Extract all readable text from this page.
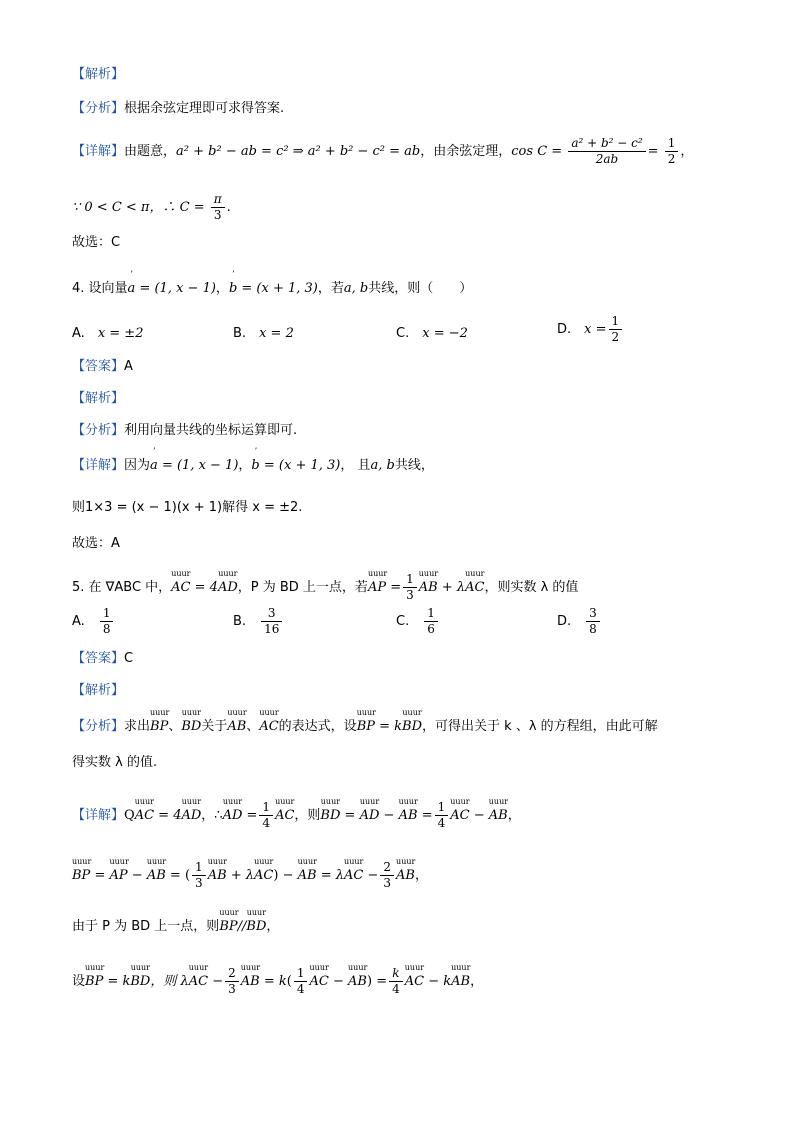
【解析】
【分析】根据余弦定理即可求得答案.
【详解】由题意，a² + b² − ab = c² ⇒ a² + b² − c² = ab，由余弦定理，$\cos C = \frac{\text{a² + b² − c²}}{2ab} = \frac{1}{2}$ ，
∵ 0 < C < π，∴ $C = \frac{\pi}{3}$ .
故选：C
4. 设向量
ʼ
a = (1, x − 1)，
ʼ
b = (x + 1, 3)，若a, b共线，则（　　）
A.　 x = ±2	B.　 x = 2	C.　 x = −2	D.　 $x = \frac{1}{2}$
【答案】A
【解析】
【分析】利用向量共线的坐标运算即可.
【详解】因为
ʼ
a = (1, x − 1)，
ʼ
b = (x + 1, 3)， 且a, b共线，
则1×3 = (x − 1)(x + 1)解得 x = ±2.
故选：A
5. 在 ∇ABC 中，
uuur
AC = 4
uuur
AD，P 为 BD 上一点，若
uuur
AP = $\frac{1}{3}$ uuur
AB + λ
uuur
AC，则实数 λ 的值
A.　 $\frac{1}{8}$	B.　 $\frac{3}{16}$	C.　 $\frac{1}{6}$	D.　 $\frac{3}{8}$
【答案】C
【解析】
【分析】求出
uuur
BP、
uuur
BD关于
uuur
AB、
uuur
AC的表达式，设
uuur
BP = k
uuur
BD，可得出关于 k 、λ 的方程组，由此可解
得实数 λ 的值.
【详解】Q
uuur
AC = 4
uuur
AD，∴
uuur
AD = $\frac{1}{4}$ uuur
AC，则
uuur
BD =
uuur
AD −
uuur
AB = $\frac{1}{4}$ uuur
AC −
uuur
AB，
uuur
BP =
uuur
AP −
uuur
AB = ( $\frac{1}{3}$ uuur
AB + λ
uuur
AC) −
uuur
AB = λ
uuur
AC − $\frac{2}{3}$ uuur
AB，
由于 P 为 BD 上一点，则
uuur
BP//
uuur
BD，
设
uuur
BP = k
uuur
BD，则 λ
uuur
AC − $\frac{2}{3}$ uuur
AB = $k( \frac{1}{4}$ uuur
AC −
uuur
$AB) = \frac{k}{4}$ uuur
AC − k
uuur
AB，
